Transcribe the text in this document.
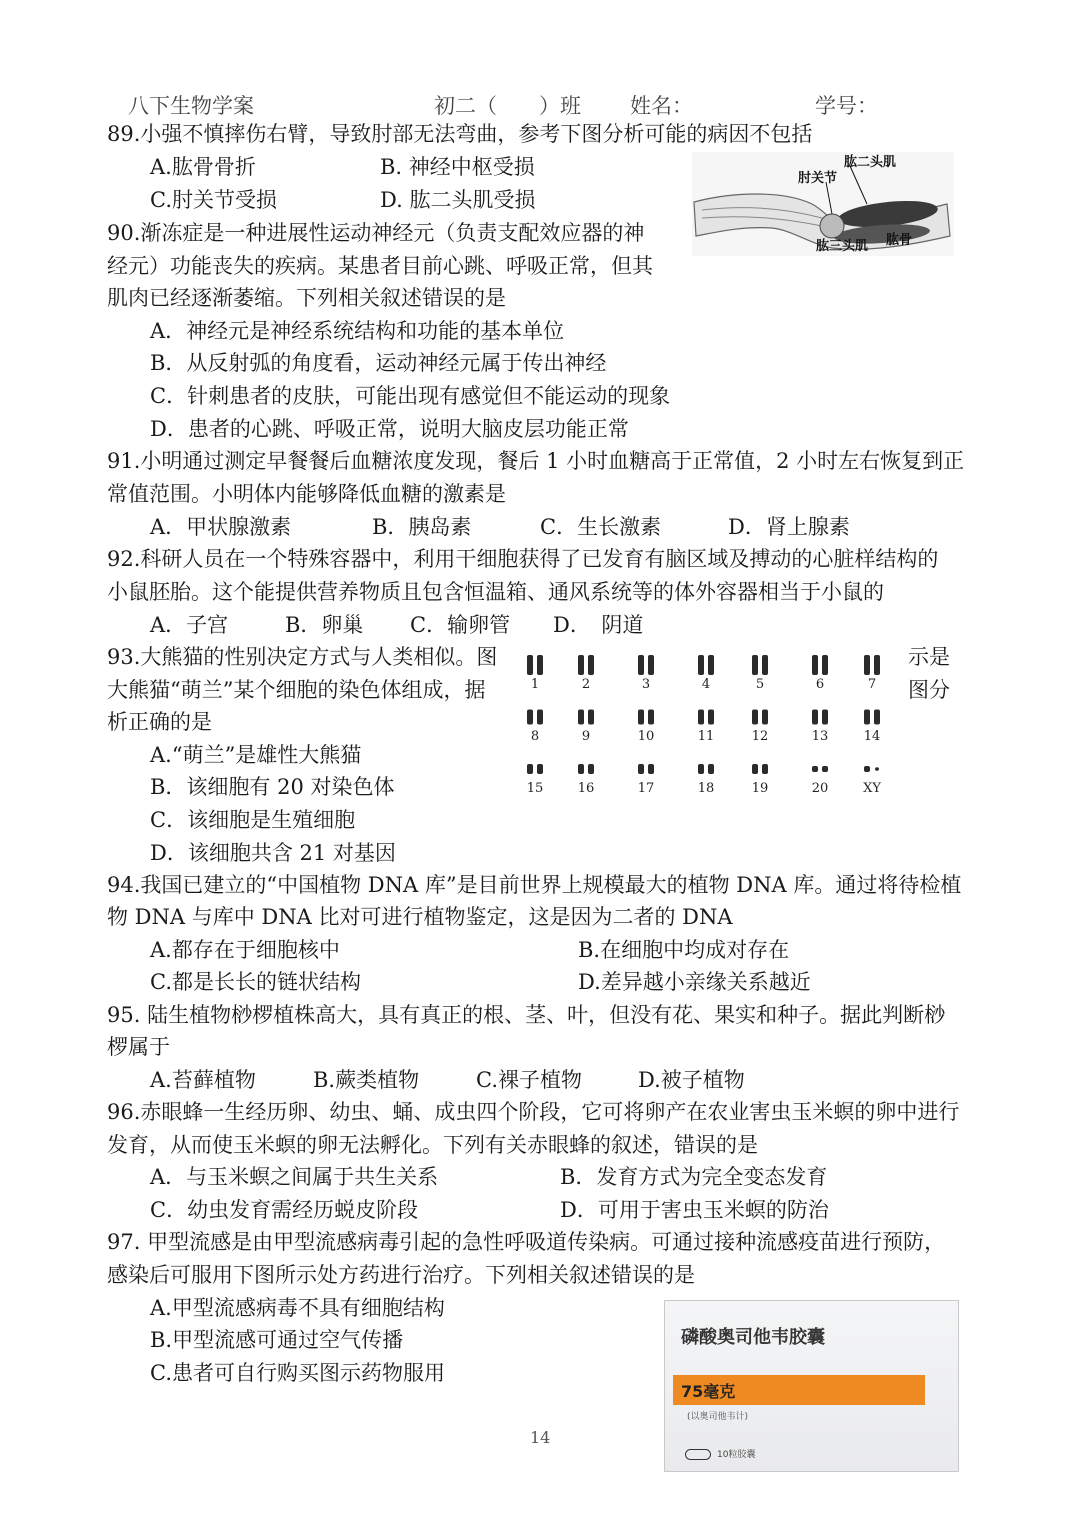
八下生物学案	初二（　　）班 姓名：	学号：
89.小强不慎摔伤右臂，导致肘部无法弯曲，参考下图分析可能的病因不包括
A.肱骨骨折	B. 神经中枢受损
C.肘关节受损	D. 肱二头肌受损
肱二头肌
肘关节
肱三头肌 肱骨
90.渐冻症是一种进展性运动神经元（负责支配效应器的神
经元）功能丧失的疾病。某患者目前心跳、呼吸正常，但其
肌肉已经逐渐萎缩。下列相关叙述错误的是
A．神经元是神经系统结构和功能的基本单位
B．从反射弧的角度看，运动神经元属于传出神经
C．针刺患者的皮肤，可能出现有感觉但不能运动的现象
D．患者的心跳、呼吸正常，说明大脑皮层功能正常
91.小明通过测定早餐餐后血糖浓度发现，餐后 1 小时血糖高于正常值，2 小时左右恢复到正
常值范围。小明体内能够降低血糖的激素是
A．甲状腺激素	B．胰岛素	C．生长激素	D．肾上腺素
92.科研人员在一个特殊容器中，利用干细胞获得了已发育有脑区域及搏动的心脏样结构的
小鼠胚胎。这个能提供营养物质且包含恒温箱、通风系统等的体外容器相当于小鼠的
A．子宫	B．卵巢 C．输卵管 D．　阴道
93.大熊猫的性别决定方式与人类相似。图	示是
大熊猫“萌兰”某个细胞的染色体组成，据	图分
析正确的是
A.“萌兰”是雄性大熊猫
B．该细胞有 20 对染色体
C．该细胞是生殖细胞
D．该细胞共含 21 对基因
1	2	3	4	5	6	7
8	9	10	11	12	13	14
15	16	17	18	19	20	XY
94.我国已建立的“中国植物 DNA 库”是目前世界上规模最大的植物 DNA 库。通过将待检植
物 DNA 与库中 DNA 比对可进行植物鉴定，这是因为二者的 DNA
A.都存在于细胞核中	B.在细胞中均成对存在
C.都是长长的链状结构	D.差异越小亲缘关系越近
95. 陆生植物桫椤植株高大，具有真正的根、茎、叶，但没有花、果实和种子。据此判断桫
椤属于
A.苔藓植物	B.蕨类植物	C.裸子植物	D.被子植物
96.赤眼蜂一生经历卵、幼虫、蛹、成虫四个阶段，它可将卵产在农业害虫玉米螟的卵中进行
发育，从而使玉米螟的卵无法孵化。下列有关赤眼蜂的叙述，错误的是
A．与玉米螟之间属于共生关系	B．发育方式为完全变态发育
C．幼虫发育需经历蜕皮阶段	D．可用于害虫玉米螟的防治
97. 甲型流感是由甲型流感病毒引起的急性呼吸道传染病。可通过接种流感疫苗进行预防，
感染后可服用下图所示处方药进行治疗。下列相关叙述错误的是
A.甲型流感病毒不具有细胞结构
B.甲型流感可通过空气传播
C.患者可自行购买图示药物服用
磷酸奥司他韦胶囊
75毫克
(以奥司他韦计)
10粒胶囊
14
